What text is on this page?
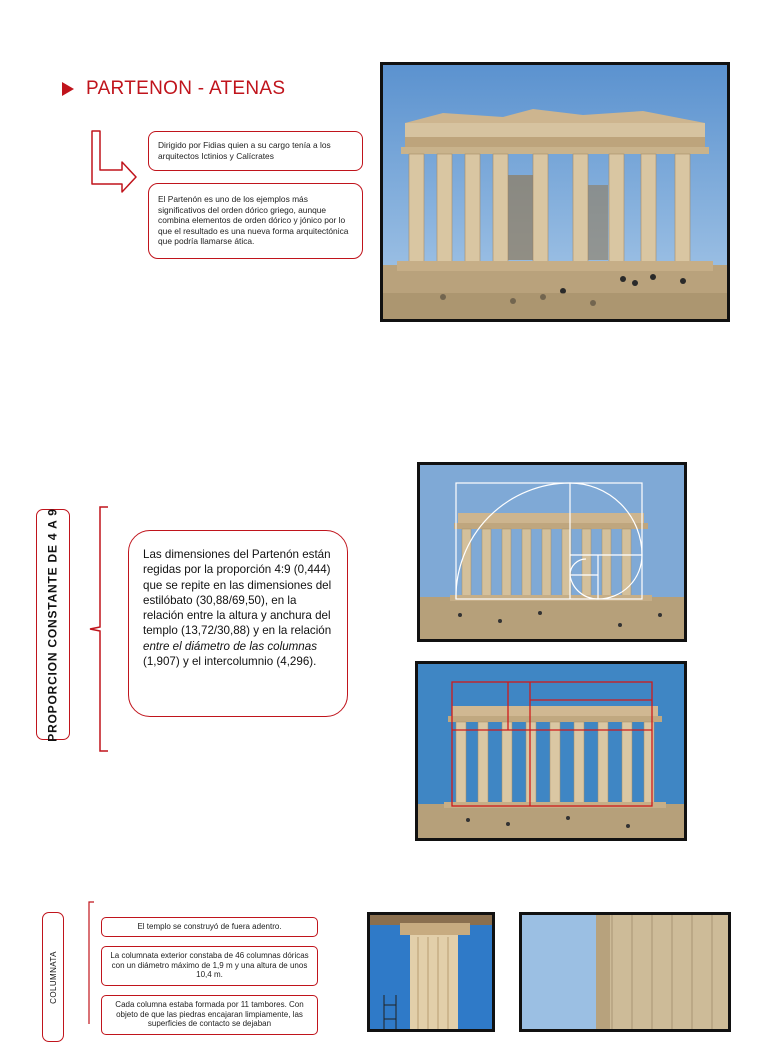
PARTENON - ATENAS
Dirigido por Fidias quien a su cargo tenía a los arquitectos Ictinios y Calícrates
El Partenón es uno de los ejemplos más significativos del orden dórico griego, aunque combina elementos de orden dórico y jónico por lo que el resultado es una nueva forma arquitectónica que podría llamarse ática.
PROPORCION CONSTANTE DE 4 A 9	Las dimensiones del Partenón están regidas por la proporción 4:9 (0,444) que se repite en las dimensiones del estilóbato (30,88/69,50), en la relación entre la altura y anchura del templo (13,72/30,88) y en la relación entre el diámetro de las columnas (1,907) y el intercolumnio (4,296).
COLUMNATA
El templo se construyó de fuera adentro.
La columnata exterior constaba de 46 columnas dóricas con un diámetro máximo de 1,9 m y una altura de unos 10,4 m.
Cada columna estaba formada por 11 tambores. Con objeto de que las piedras encajaran limpiamente, las superficies de contacto se dejaban
